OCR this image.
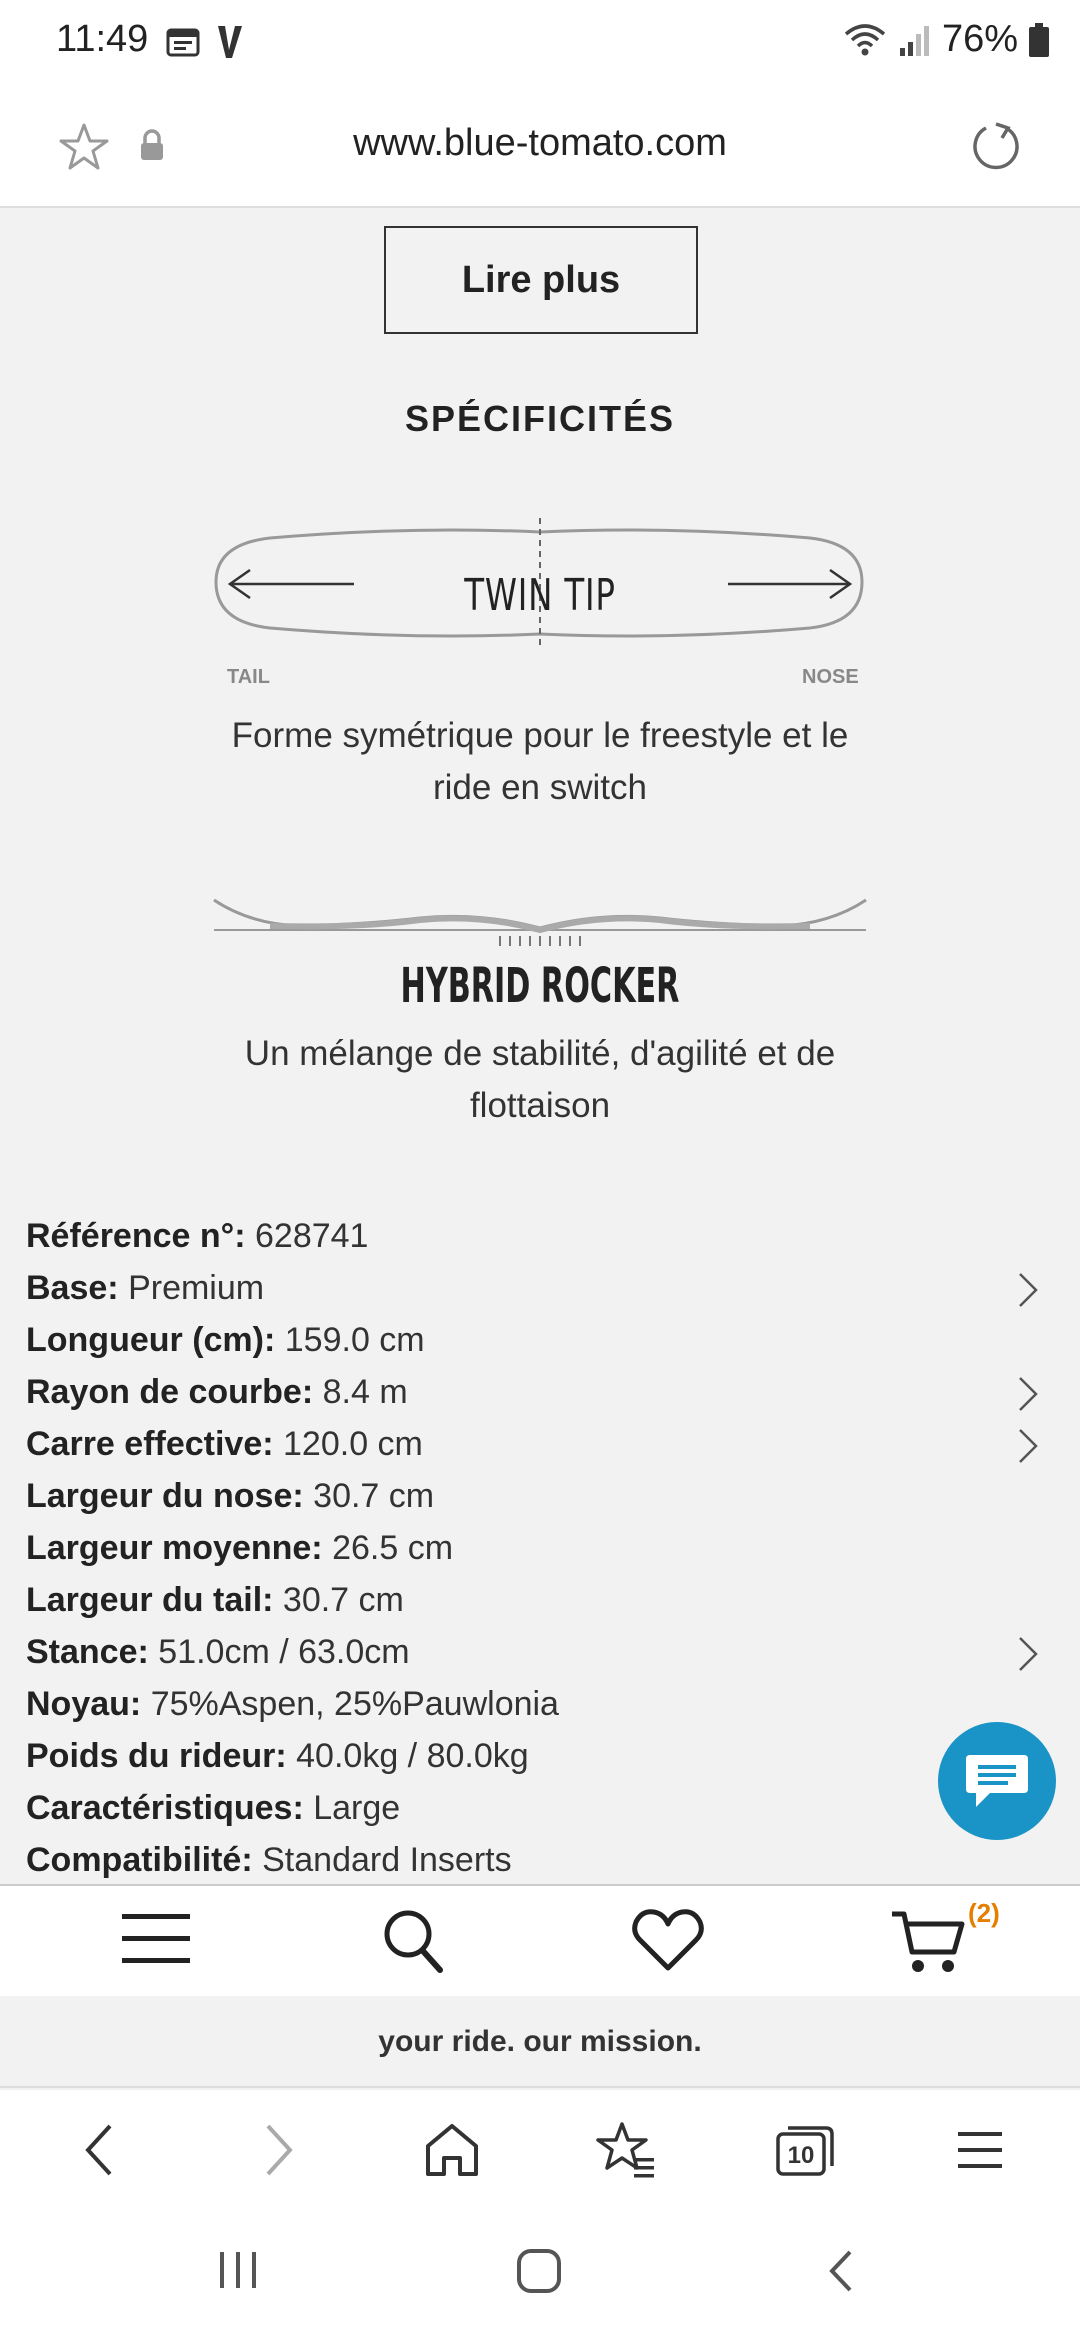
11:49	76%
www.blue-tomato.com
Lire plus
SPÉCIFICITÉS
TWIN TIP
TAIL	NOSE
Forme symétrique pour le freestyle et le ride en switch
HYBRID ROCKER
Un mélange de stabilité, d'agilité et de flottaison
Référence n°: 628741
Base: Premium
Longueur (cm): 159.0 cm
Rayon de courbe: 8.4 m
Carre effective: 120.0 cm
Largeur du nose: 30.7 cm
Largeur moyenne: 26.5 cm
Largeur du tail: 30.7 cm
Stance: 51.0cm / 63.0cm
Noyau: 75%Aspen, 25%Pauwlonia
Poids du rideur: 40.0kg / 80.0kg
Caractéristiques: Large
Compatibilité: Standard Inserts
(2)
your ride. our mission.
10
